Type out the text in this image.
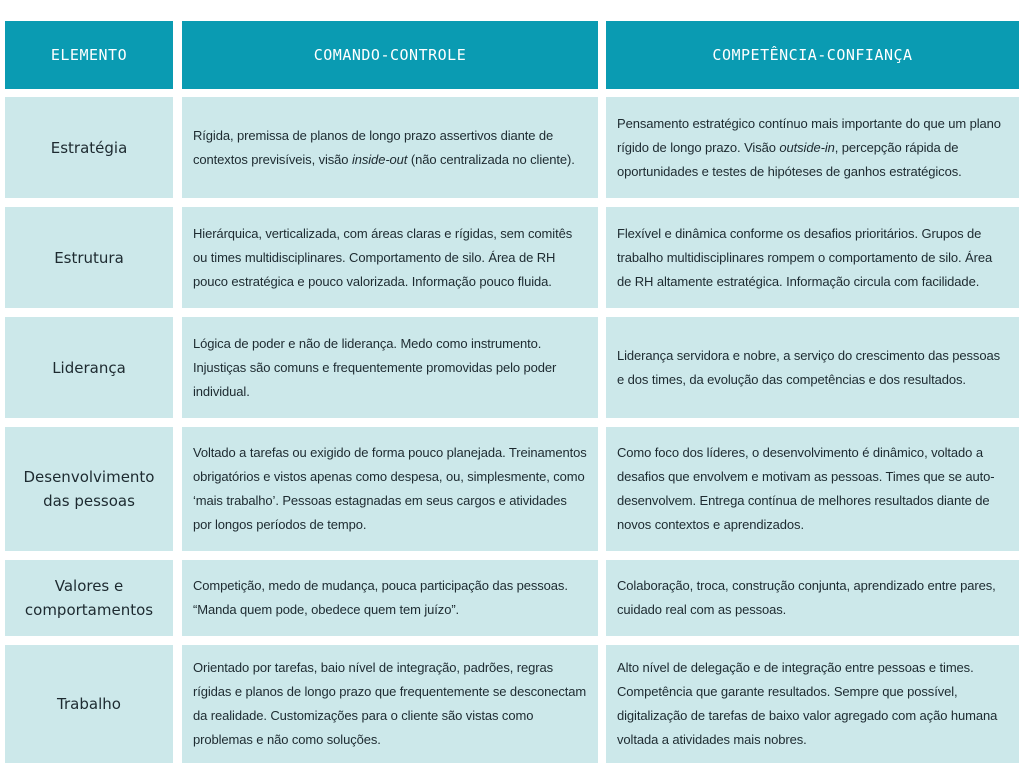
ELEMENTO	COMANDO-CONTROLE	COMPETÊNCIA-CONFIANÇA
Estratégia

Rígida, premissa de planos de longo prazo assertivos diante de contextos previsíveis, visão inside-out (não centralizada no cliente).

Pensamento estratégico contínuo mais importante do que um plano rígido de longo prazo. Visão outside-in, percepção rápida de oportunidades e testes de hipóteses de ganhos estratégicos.

Estrutura

Hierárquica, verticalizada, com áreas claras e rígidas, sem comitês ou times multidisciplinares. Comportamento de silo. Área de RH pouco estratégica e pouco valorizada. Informação pouco fluida.

Flexível e dinâmica conforme os desafios prioritários. Grupos de trabalho multidisciplinares rompem o comportamento de silo. Área de RH altamente estratégica. Informação circula com facilidade.

Liderança

Lógica de poder e não de liderança. Medo como instrumento. Injustiças são comuns e frequentemente promovidas pelo poder individual.

Liderança servidora e nobre, a serviço do crescimento das pessoas e dos times, da evolução das competências e dos resultados.

Desenvolvimento das pessoas

Voltado a tarefas ou exigido de forma pouco planejada. Treinamentos obrigatórios e vistos apenas como despesa, ou, simplesmente, como ‘mais trabalho’. Pessoas estagnadas em seus cargos e atividades por longos períodos de tempo.

Como foco dos líderes, o desenvolvimento é dinâmico, voltado a desafios que envolvem e motivam as pessoas. Times que se auto-desenvolvem. Entrega contínua de melhores resultados diante de novos contextos e aprendizados.

Valores e comportamentos

Competição, medo de mudança, pouca participação das pessoas. “Manda quem pode, obedece quem tem juízo”.

Colaboração, troca, construção conjunta, aprendizado entre pares, cuidado real com as pessoas.

Trabalho

Orientado por tarefas, baio nível de integração, padrões, regras rígidas e planos de longo prazo que frequentemente se desconectam da realidade. Customizações para o cliente são vistas como problemas e não como soluções.

Alto nível de delegação e de integração entre pessoas e times. Competência que garante resultados. Sempre que possível, digitalização de tarefas de baixo valor agregado com ação humana voltada a atividades mais nobres.
